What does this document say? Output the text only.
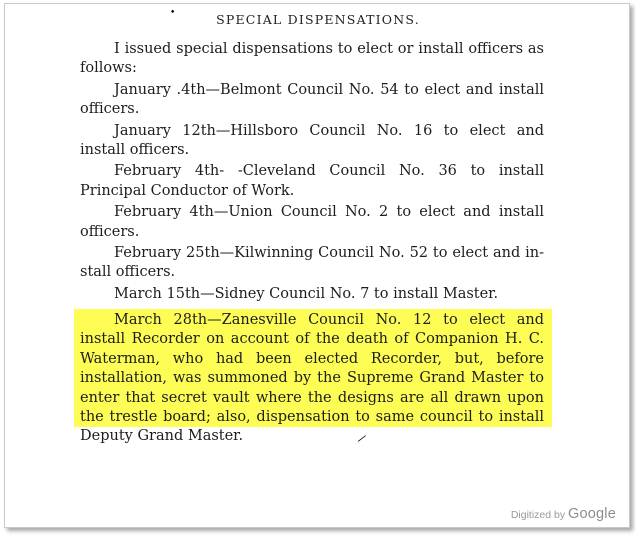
•	SPECIAL DISPENSATIONS.

I issued special dispensations to elect or install officers as follows:

January .4th—Belmont Council No. 54 to elect and install officers.

January 12th—Hillsboro Council No. 16 to elect and install officers.

February 4th- -Cleveland Council No. 36 to install Principal Conductor of Work.

February 4th—Union Council No. 2 to elect and install officers.

February 25th—Kilwinning Council No. 52 to elect and in-stall officers.

March 15th—Sidney Council No. 7 to install Master.

March 28th—Zanesville Council No. 12 to elect and install Recorder on account of the death of Companion H. C. Waterman, who had been elected Recorder, but, before installation, was summoned by the Supreme Grand Master to enter that secret vault where the designs are all drawn upon the trestle board; also, dispensation to same council to install Deputy Grand Master.	/
Digitized by Google
